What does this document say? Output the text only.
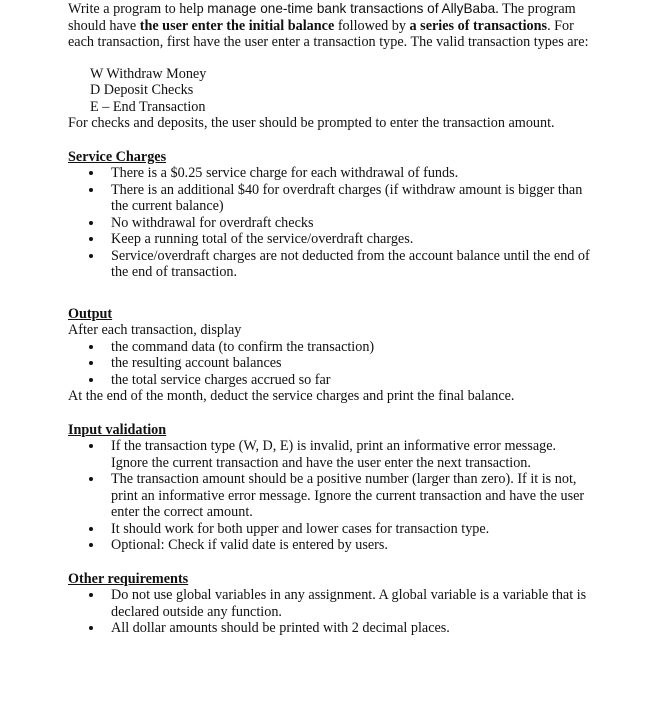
Write a program to help manage one-time bank transactions of AllyBaba. The program should have the user enter the initial balance followed by a series of transactions. For each transaction, first have the user enter a transaction type. The valid transaction types are:

W Withdraw Money
D Deposit Checks
E – End Transaction

For checks and deposits, the user should be prompted to enter the transaction amount.

Service Charges
There is a $0.25 service charge for each withdrawal of funds.
There is an additional $40 for overdraft charges (if withdraw amount is bigger than the current balance)
No withdrawal for overdraft checks
Keep a running total of the service/overdraft charges.
Service/overdraft charges are not deducted from the account balance until the end of the end of transaction.
Output

After each transaction, display

the command data (to confirm the transaction)
the resulting account balances
the total service charges accrued so far

At the end of the month, deduct the service charges and print the final balance.

Input validation
If the transaction type (W, D, E) is invalid, print an informative error message. Ignore the current transaction and have the user enter the next transaction.
The transaction amount should be a positive number (larger than zero). If it is not, print an informative error message. Ignore the current transaction and have the user enter the correct amount.
It should work for both upper and lower cases for transaction type.
Optional: Check if valid date is entered by users.
Other requirements
Do not use global variables in any assignment. A global variable is a variable that is declared outside any function.
All dollar amounts should be printed with 2 decimal places.
